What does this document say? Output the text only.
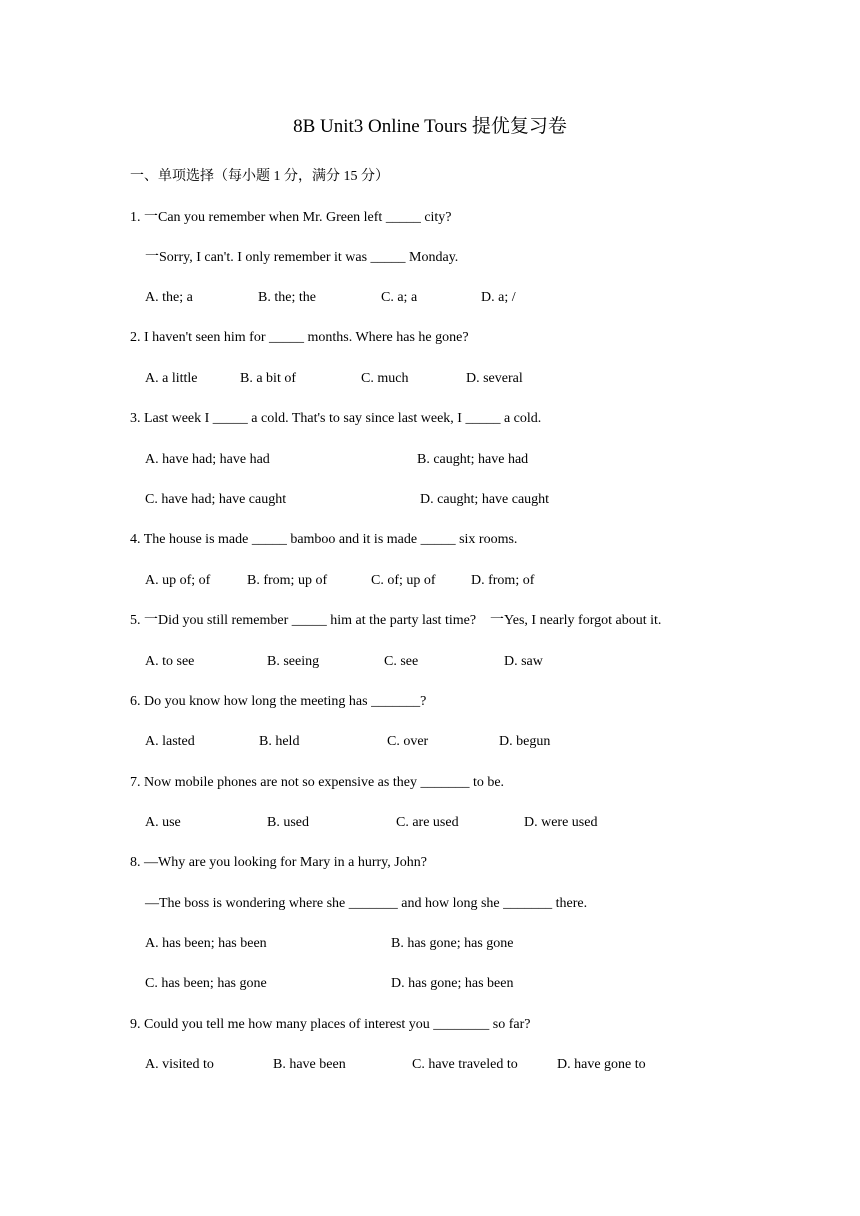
8B Unit3 Online Tours 提优复习卷
一、单项选择（每小题 1 分，满分 15 分）
1. 一Can you remember when Mr. Green left _____ city?
一Sorry, I can't. I only remember it was _____ Monday.
A. the; a	B. the; the	C. a; a	D. a; /
2. I haven't seen him for _____ months. Where has he gone?
A. a little	B. a bit of	C. much	D. several
3. Last week I _____ a cold. That's to say since last week, I _____ a cold.
A. have had; have had	B. caught; have had
C. have had; have caught	D. caught; have caught
4. The house is made _____ bamboo and it is made _____ six rooms.
A. up of; of	B. from; up of	C. of; up of	D. from; of
5. 一Did you still remember _____ him at the party last time?    一Yes, I nearly forgot about it.
A. to see	B. seeing	C. see	D. saw
6. Do you know how long the meeting has _______?
A. lasted	B. held	C. over	D. begun
7. Now mobile phones are not so expensive as they _______ to be.
A. use	B. used	C. are used	D. were used
8. —Why are you looking for Mary in a hurry, John?
—The boss is wondering where she _______ and how long she _______ there.
A. has been; has been	B. has gone; has gone
C. has been; has gone	D. has gone; has been
9. Could you tell me how many places of interest you ________ so far?
A. visited to	B. have been	C. have traveled to	D. have gone to
